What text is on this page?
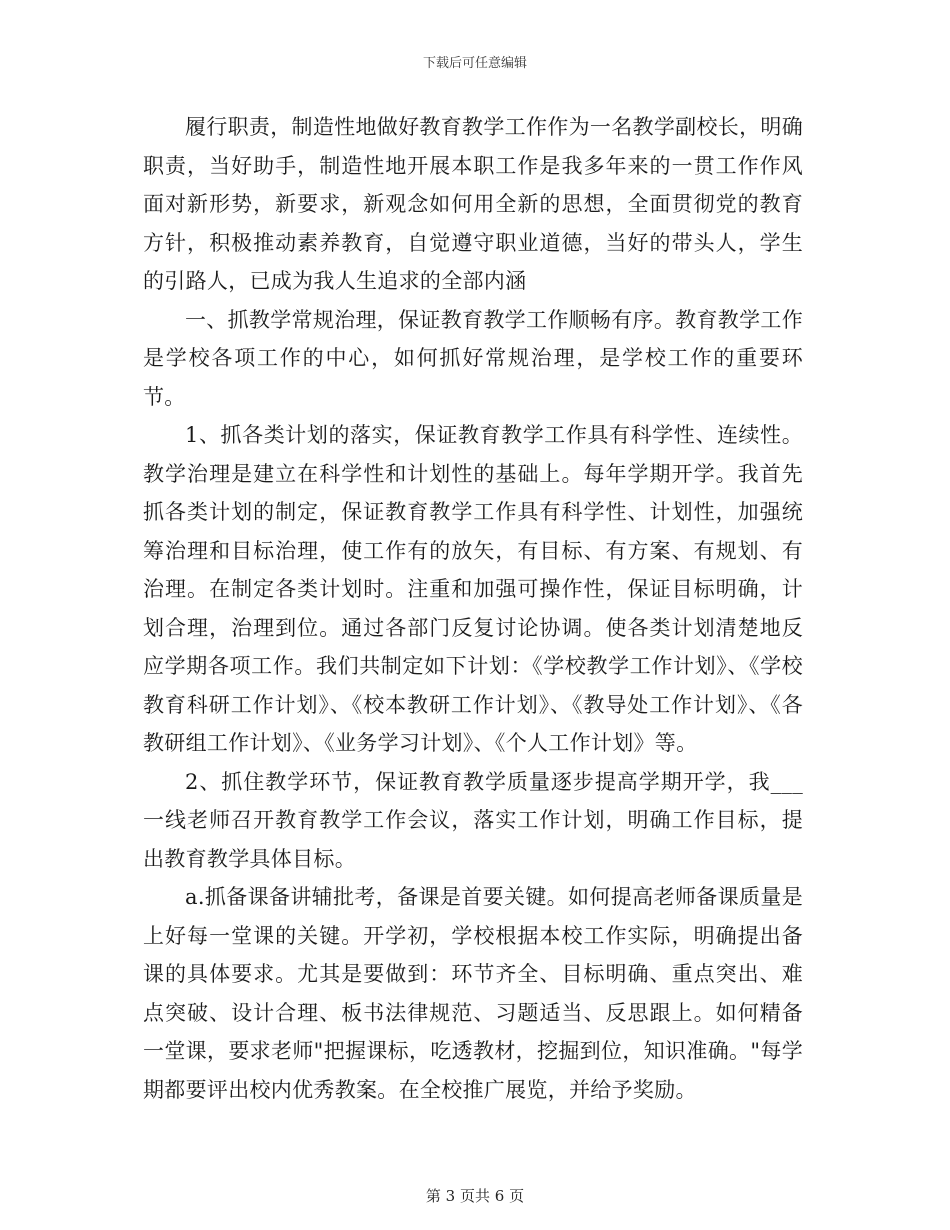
下载后可任意编辑

履行职责，制造性地做好教育教学工作作为一名教学副校长，明确职责，当好助手，制造性地开展本职工作是我多年来的一贯工作作风面对新形势，新要求，新观念如何用全新的思想，全面贯彻党的教育方针，积极推动素养教育，自觉遵守职业道德，当好的带头人，学生的引路人，已成为我人生追求的全部内涵

一、抓教学常规治理，保证教育教学工作顺畅有序。教育教学工作是学校各项工作的中心，如何抓好常规治理，是学校工作的重要环节。

1、抓各类计划的落实，保证教育教学工作具有科学性、连续性。教学治理是建立在科学性和计划性的基础上。每年学期开学。我首先抓各类计划的制定，保证教育教学工作具有科学性、计划性，加强统筹治理和目标治理，使工作有的放矢，有目标、有方案、有规划、有治理。在制定各类计划时。注重和加强可操作性，保证目标明确，计划合理，治理到位。通过各部门反复讨论协调。使各类计划清楚地反应学期各项工作。我们共制定如下计划：《学校教学工作计划》、《学校教育科研工作计划》、《校本教研工作计划》、《教导处工作计划》、《各教研组工作计划》、《业务学习计划》、《个人工作计划》等。

2、抓住教学环节，保证教育教学质量逐步提高学期开学，我___一线老师召开教育教学工作会议，落实工作计划，明确工作目标，提出教育教学具体目标。

a.抓备课备讲辅批考，备课是首要关键。如何提高老师备课质量是上好每一堂课的关键。开学初，学校根据本校工作实际，明确提出备课的具体要求。尤其是要做到：环节齐全、目标明确、重点突出、难点突破、设计合理、板书法律规范、习题适当、反思跟上。如何精备一堂课，要求老师"把握课标，吃透教材，挖掘到位，知识准确。"每学期都要评出校内优秀教案。在全校推广展览，并给予奖励。

第 3 页共 6 页
